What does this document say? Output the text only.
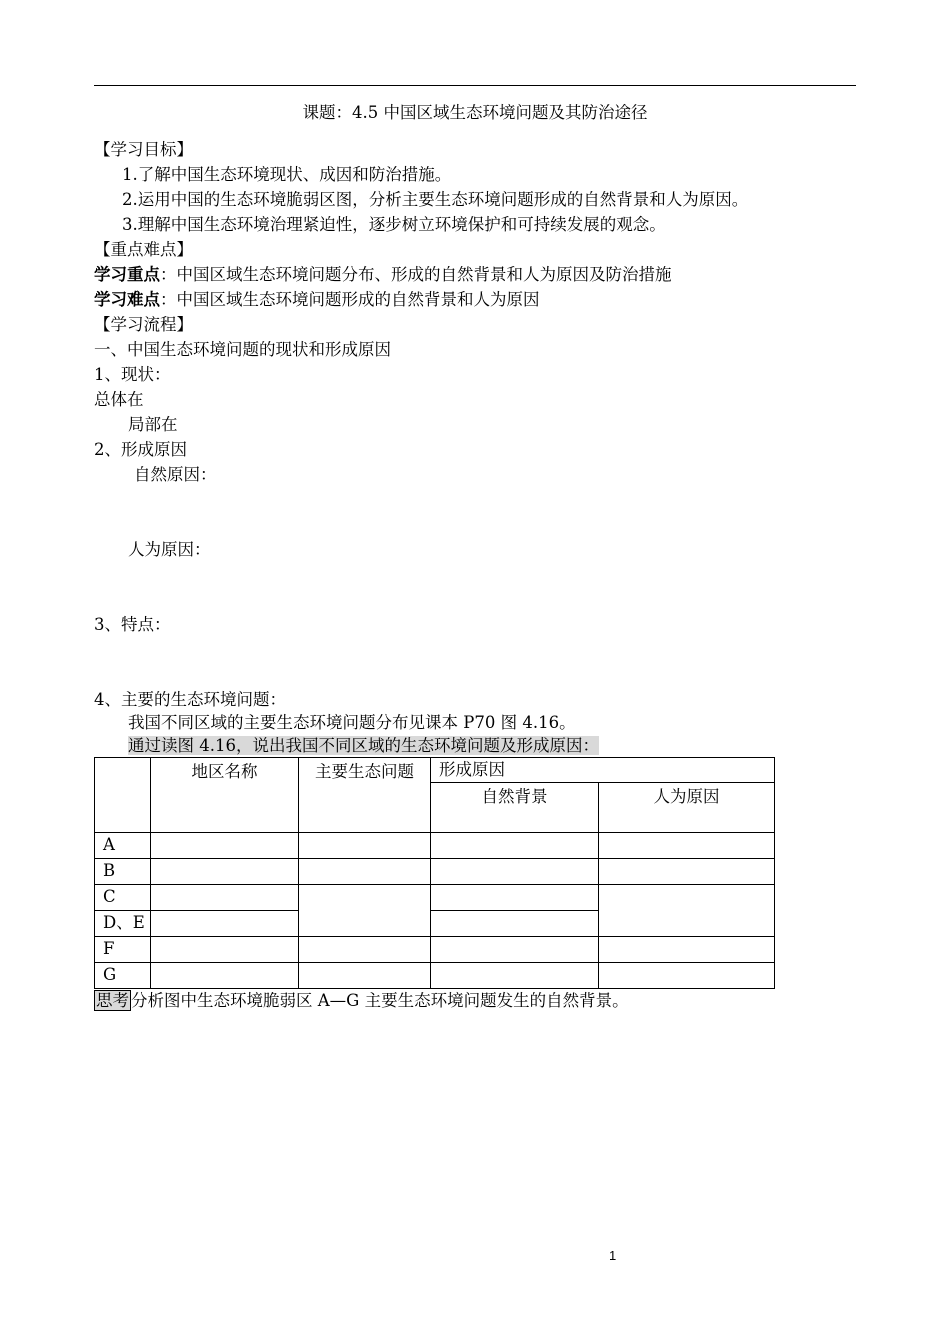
课题：4.5 中国区域生态环境问题及其防治途径
【学习目标】
1.了解中国生态环境现状、成因和防治措施。
2.运用中国的生态环境脆弱区图，分析主要生态环境问题形成的自然背景和人为原因。
3.理解中国生态环境治理紧迫性，逐步树立环境保护和可持续发展的观念。
【重点难点】
学习重点：中国区域生态环境问题分布、形成的自然背景和人为原因及防治措施
学习难点：中国区域生态环境问题形成的自然背景和人为原因
【学习流程】
一、中国生态环境问题的现状和形成原因
1、现状：
总体在
局部在
2、形成原因
自然原因：
人为原因：
3、特点：
4、主要的生态环境问题：
我国不同区域的主要生态环境问题分布见课本 P70 图 4.16。
通过读图 4.16，说出我国不同区域的生态环境问题及形成原因：
	地区名称	主要生态问题	形成原因	
			自然背景	人为原因
A				
B				
C				
D、E				
F				
G				
思考 分析图中生态环境脆弱区 A—G 主要生态环境问题发生的自然背景。
1
